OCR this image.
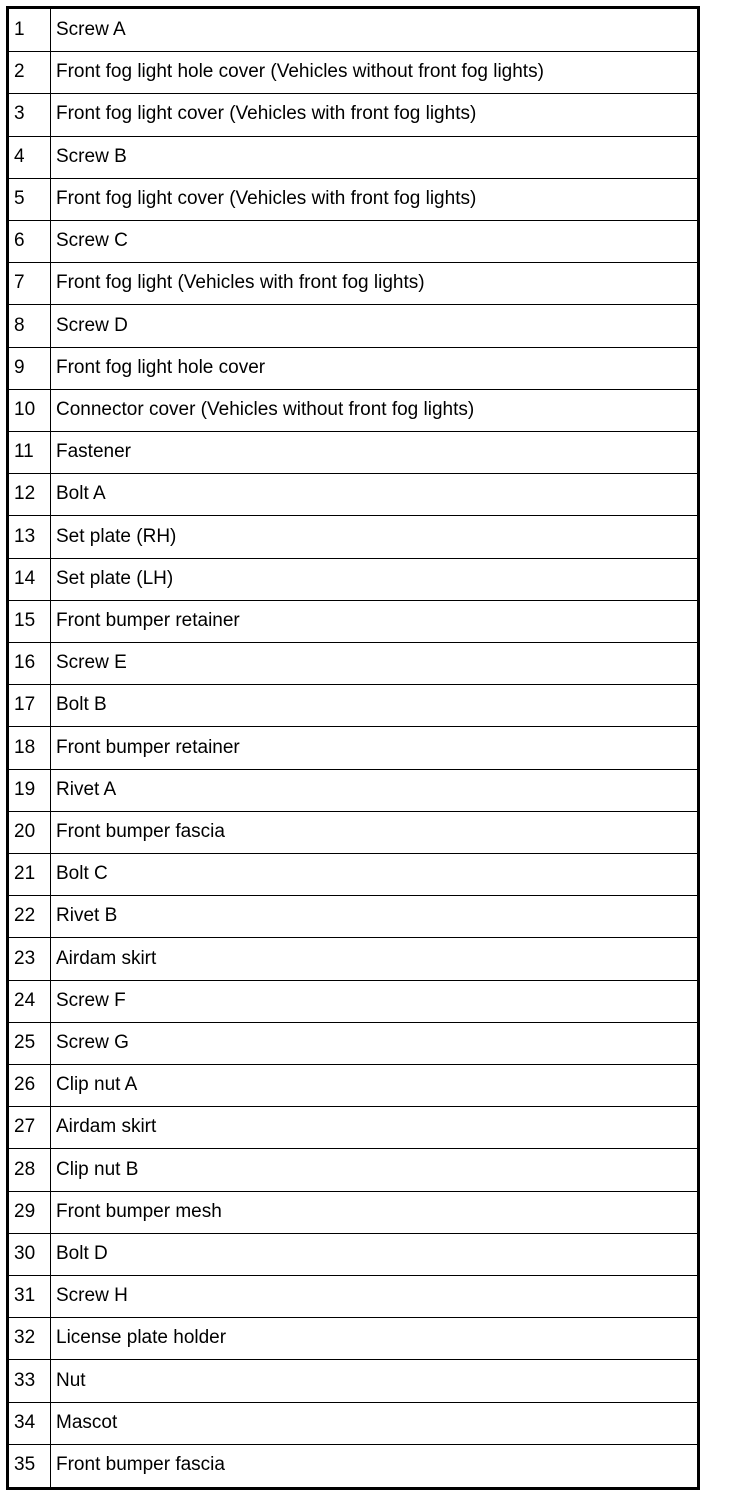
1	Screw A
2	Front fog light hole cover (Vehicles without front fog lights)
3	Front fog light cover (Vehicles with front fog lights)
4	Screw B
5	Front fog light cover (Vehicles with front fog lights)
6	Screw C
7	Front fog light (Vehicles with front fog lights)
8	Screw D
9	Front fog light hole cover
10	Connector cover (Vehicles without front fog lights)
11	Fastener
12	Bolt A
13	Set plate (RH)
14	Set plate (LH)
15	Front bumper retainer
16	Screw E
17	Bolt B
18	Front bumper retainer
19	Rivet A
20	Front bumper fascia
21	Bolt C
22	Rivet B
23	Airdam skirt
24	Screw F
25	Screw G
26	Clip nut A
27	Airdam skirt
28	Clip nut B
29	Front bumper mesh
30	Bolt D
31	Screw H
32	License plate holder
33	Nut
34	Mascot
35	Front bumper fascia
